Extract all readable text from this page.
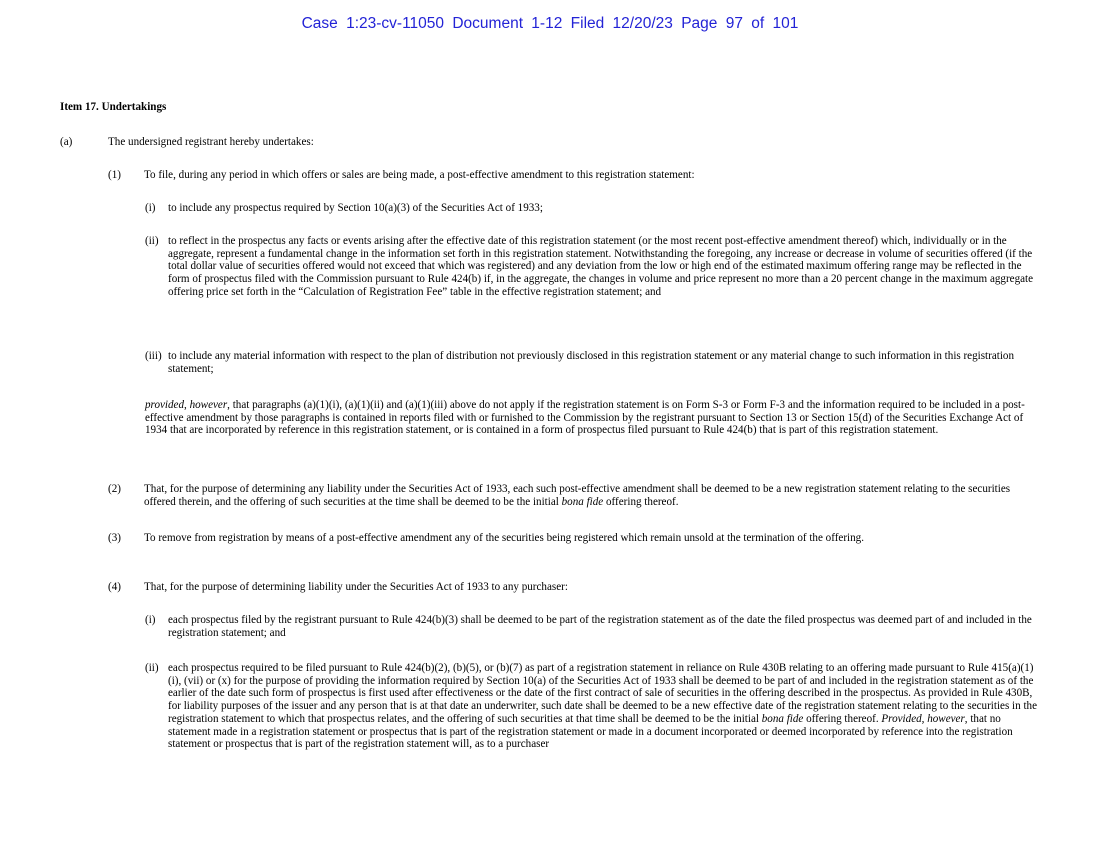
Case 1:23-cv-11050 Document 1-12 Filed 12/20/23 Page 97 of 101

Item 17. Undertakings

(a)	The undersigned registrant hereby undertakes:
(1) To file, during any period in which offers or sales are being made, a post-effective amendment to this registration statement:
(i) to include any prospectus required by Section 10(a)(3) of the Securities Act of 1933;
(ii) to reflect in the prospectus any facts or events arising after the effective date of this registration statement (or the most recent post-effective amendment thereof) which, individually or in the aggregate, represent a fundamental change in the information set forth in this registration statement. Notwithstanding the foregoing, any increase or decrease in volume of securities offered (if the total dollar value of securities offered would not exceed that which was registered) and any deviation from the low or high end of the estimated maximum offering range may be reflected in the form of prospectus filed with the Commission pursuant to Rule 424(b) if, in the aggregate, the changes in volume and price represent no more than a 20 percent change in the maximum aggregate offering price set forth in the “Calculation of Registration Fee” table in the effective registration statement; and

(iii) to include any material information with respect to the plan of distribution not previously disclosed in this registration statement or any material change to such information in this registration statement;

provided, however, that paragraphs (a)(1)(i), (a)(1)(ii) and (a)(1)(iii) above do not apply if the registration statement is on Form S-3 or Form F-3 and the information required to be included in a post-effective amendment by those paragraphs is contained in reports filed with or furnished to the Commission by the registrant pursuant to Section 13 or Section 15(d) of the Securities Exchange Act of 1934 that are incorporated by reference in this registration statement, or is contained in a form of prospectus filed pursuant to Rule 424(b) that is part of this registration statement.

(2) That, for the purpose of determining any liability under the Securities Act of 1933, each such post-effective amendment shall be deemed to be a new registration statement relating to the securities offered therein, and the offering of such securities at the time shall be deemed to be the initial bona fide offering thereof.

(3) To remove from registration by means of a post-effective amendment any of the securities being registered which remain unsold at the termination of the offering.

(4) That, for the purpose of determining liability under the Securities Act of 1933 to any purchaser:
(i) each prospectus filed by the registrant pursuant to Rule 424(b)(3) shall be deemed to be part of the registration statement as of the date the filed prospectus was deemed part of and included in the registration statement; and

(ii) each prospectus required to be filed pursuant to Rule 424(b)(2), (b)(5), or (b)(7) as part of a registration statement in reliance on Rule 430B relating to an offering made pursuant to Rule 415(a)(1)(i), (vii) or (x) for the purpose of providing the information required by Section 10(a) of the Securities Act of 1933 shall be deemed to be part of and included in the registration statement as of the earlier of the date such form of prospectus is first used after effectiveness or the date of the first contract of sale of securities in the offering described in the prospectus. As provided in Rule 430B, for liability purposes of the issuer and any person that is at that date an underwriter, such date shall be deemed to be a new effective date of the registration statement relating to the securities in the registration statement to which that prospectus relates, and the offering of such securities at that time shall be deemed to be the initial bona fide offering thereof. Provided, however, that no statement made in a registration statement or prospectus that is part of the registration statement or made in a document incorporated or deemed incorporated by reference into the registration statement or prospectus that is part of the registration statement will, as to a purchaser
